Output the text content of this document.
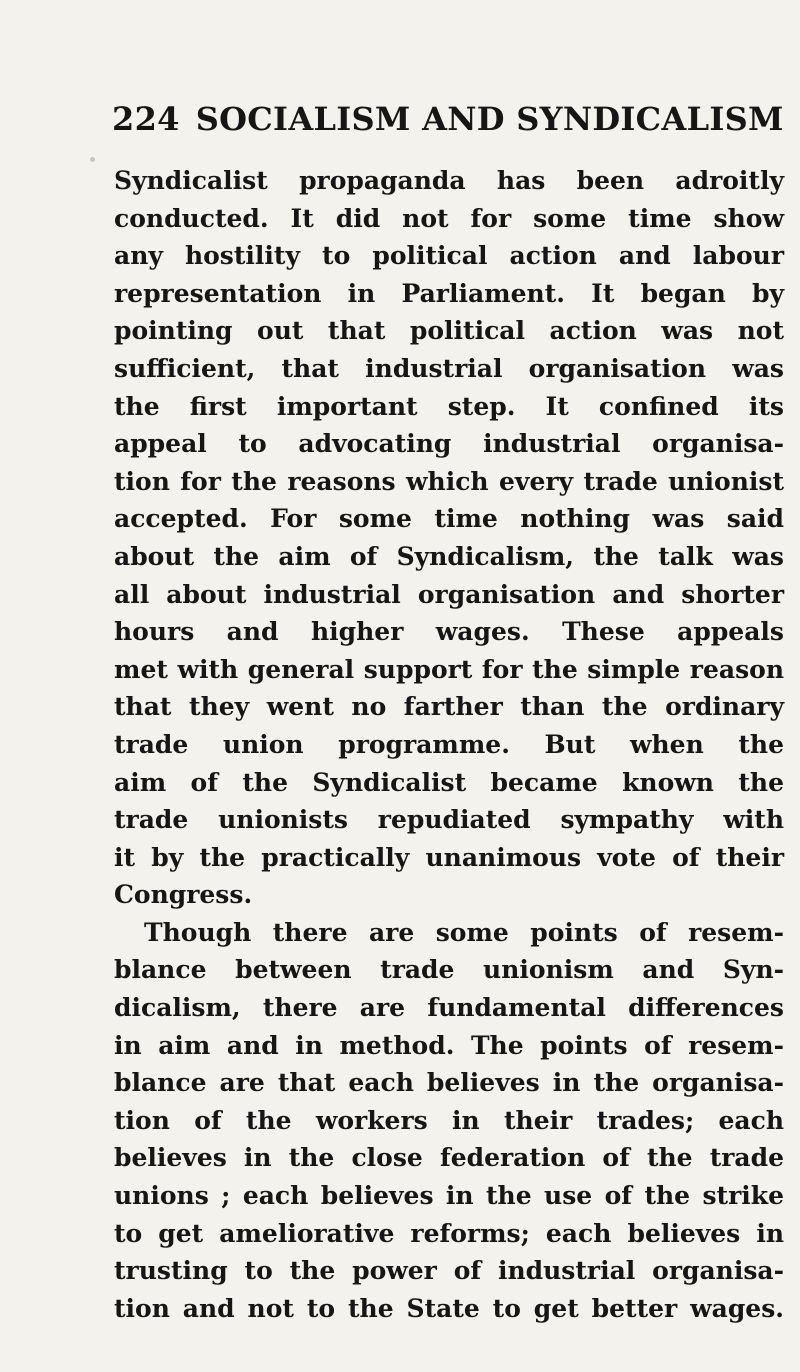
224 SOCIALISM AND SYNDICALISM
Syndicalist propaganda has been adroitly
conducted. It did not for some time show
any hostility to political action and labour
representation in Parliament. It began by
pointing out that political action was not
sufficient, that industrial organisation was
the first important step. It confined its
appeal to advocating industrial organisa-
tion for the reasons which every trade unionist
accepted. For some time nothing was said
about the aim of Syndicalism, the talk was
all about industrial organisation and shorter
hours and higher wages. These appeals
met with general support for the simple reason
that they went no farther than the ordinary
trade union programme. But when the
aim of the Syndicalist became known the
trade unionists repudiated sympathy with
it by the practically unanimous vote of their
Congress.
Though there are some points of resem-
blance between trade unionism and Syn-
dicalism, there are fundamental differences
in aim and in method. The points of resem-
blance are that each believes in the organisa-
tion of the workers in their trades; each
believes in the close federation of the trade
unions ; each believes in the use of the strike
to get ameliorative reforms; each believes in
trusting to the power of industrial organisa-
tion and not to the State to get better wages.
